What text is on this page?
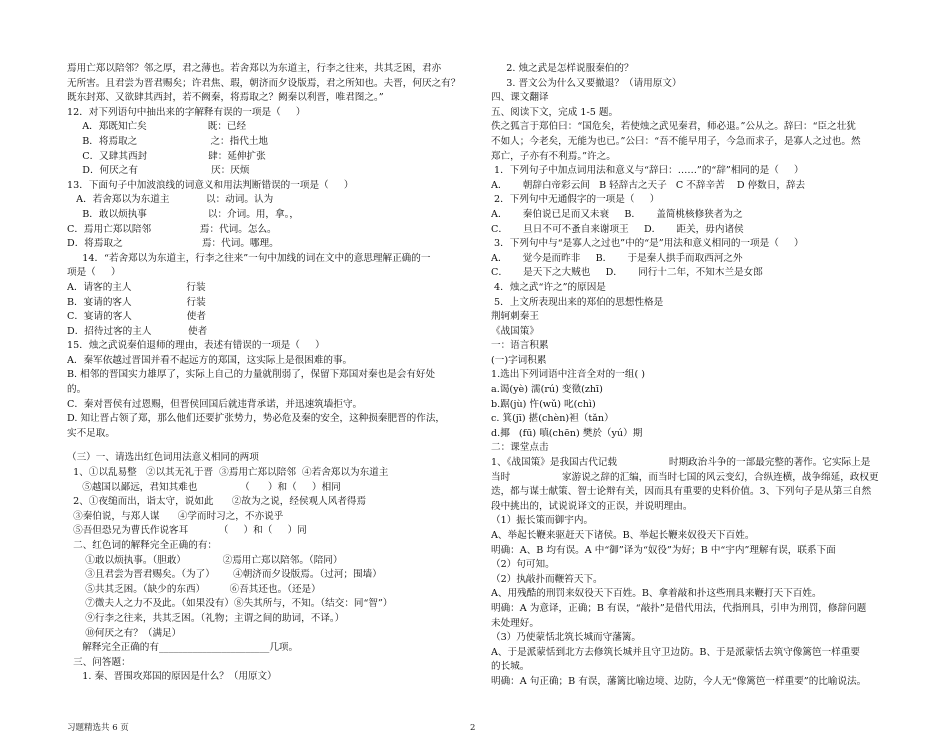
焉用亡郑以陪邻？邻之厚，君之薄也。若舍郑以为东道主，行李之往来，共其乏困，君亦
无所害。且君尝为晋君赐矣；许君焦、瑕，朝济而夕设版焉，君之所知也。夫晋，何厌之有？
既东封郑、又欲肆其西封，若不阙秦，将焉取之？阙秦以利晋，唯君图之。”
12．对下列语句中抽出来的字解释有误的一项是（     ）
A．郑既知亡矣                    既：已经
B．将焉取之                        之：指代土地
C．又肆其西封                    肆：延伸扩张
D．何厌之有                        厌：厌烦
13．下面句子中加波浪线的词意义和用法判断错误的一项是（     ）
A．若舍郑以为东道主            以：动词。认为
B．敢以烦执事                    以：介词。用，拿。，
C．焉用亡郑以陪邻                焉：代词。怎么。
D．将焉取之                          焉：代词。哪理。
14．“若舍郑以为东道主，行李之往来”一句中加线的词在文中的意思理解正确的一
项是（     ）
A．请客的主人                  行装
B．宴请的客人                  行装
C．宴请的客人                  使者
D．招待过客的主人            使者
15．烛之武说秦伯退师的理由，表述有错误的一项是（     ）
A．秦军依越过晋国并看不起远方的郑国，这实际上是很困难的事。
B. 相邻的晋国实力雄厚了，实际上自己的力量就削弱了，保留下郑国对秦也是会有好处
的。
C．秦对晋侯有过恩赐，但晋侯回国后就违背承诺，并迅速筑墙拒守。
D. 知让晋占领了郑，那么他们还要扩张势力，势必危及秦的安全，这种损秦肥晋的作法，
实不足取。
（三）一、请选出红色词用法意义相同的两项
1、①以乱易整   ②以其无礼于晋  ③焉用亡郑以陪邻  ④若舍郑以为东道主
⑤越国以鄙远，君知其难也              （      ）和（     ）相同
2、①夜缒而出，诣太守，说如此      ②故为之说，经侯观人风者得焉
③秦伯说，与郑人谋      ④学而时习之，不亦说乎
⑤吾但恐兄为曹氏作说客耳          （     ）和（     ）同
二、红色词的解释完全正确的有：
①敢以烦执事。（胆敢）            ②焉用亡郑以陪邻。（陪同）
③且君尝为晋君赐矣。（为了）      ④朝济而夕设版焉。（过河；围墙）
⑤共其乏困。（缺少的东西）        ⑥吾其还也。（还是）
⑦微夫人之力不及此。（如果没有）⑧失其所与，不知。（结交：同“智”）
⑨行李之往来，共其乏困。（礼物；主谓之间的助词，不译。）
⑩何厌之有？（满足）
解释完全正确的有_______________________几项。
三、问答题：
1. 秦、晋围攻郑国的原因是什么？（用原文）
2. 烛之武是怎样说服秦伯的？
3. 晋文公为什么又要撤退？（请用原文）
四、课文翻译
五、阅读下文，完成 1-5 题。
佚之狐言于郑伯曰：“国危矣，若使烛之武见秦君，师必退。”公从之。辞曰：“臣之壮犹
不如人；今老矣，无能为也已。”公曰：“吾不能早用子，今急而求子，是寡人之过也。然
郑亡，子亦有不利焉。”许之。
1．下列句子中加点词用法和意义与“辞曰：……”的“辞”相同的是（     ）
A．     朝辞白帝彩云间   B 轻辞古之天子   C 不辞辛苦    D 停数日，辞去
2．下列句中无通假字的一项是（     ）
A．     秦伯说已足而又未衰     B．     盖简桃核修狭者为之
C．     旦日不可不蚤自来谢项王     D．     距关，毋内诸侯
3．下列句中与“是寡人之过也”中的“是”用法和意义相同的一项是（     ）
A．     觉今是而昨非     B．     于是秦人拱手而取西河之外
C．     是天下之大贼也     D．     同行十二年，不知木兰是女郎
4．烛之武“许之”的原因是
5．上文所表现出来的郑伯的思想性格是
荆轲刺秦王
《战国策》
一：语言积累
(一)字词积累
1.选出下列词语中注音全对的一组( )
a.谒(yè) 濡(rú) 变徵(zhī)
b.踞(jù) 忤(wǔ) 叱(chì)
c. 箕(jī) 揕(chèn)袒（tǎn）
d.揶   (fū) 嗔(chēn) 樊於（yú）期
二：课堂点击
1、《战国策》是我国古代记载                 时期政治斗争的一部最完整的著作。它实际上是
当时                 家游说之辞的汇编，而当时七国的风云变幻，合纵连横，战争绵延，政权更
迭，都与谋士献策、智士论辩有关，因而具有重要的史料价值。3、下列句子是从第三自然
段中挑出的，试说说译文的正误，并说明理由。
（1）振长策而御宇内。
A、举起长鞭来驱赶天下诸侯。B、举起长鞭来奴役天下百姓。
明确：A、B 均有误。A 中“御”译为“奴役”为好；B 中“宇内”理解有误，联系下面
（2）句可知。
（2）执敲扑而鞭笞天下。
A、用残酷的刑罚来奴役天下百姓。B、拿着敲和扑这些刑具来鞭打天下百姓。
明确：A 为意译，正确；B 有误，“敲扑”是借代用法，代指刑具，引申为刑罚，修辞问题
未处理好。
（3）乃使蒙恬北筑长城而守藩篱。
A、于是派蒙恬到北方去修筑长城并且守卫边防。B、于是派蒙恬去筑守像篱笆一样重要
的长城。
明确：A 句正确；B 有误，藩篱比喻边境、边防，今人无“像篱笆一样重要”的比喻说法。
习题精选共 6 页	2
